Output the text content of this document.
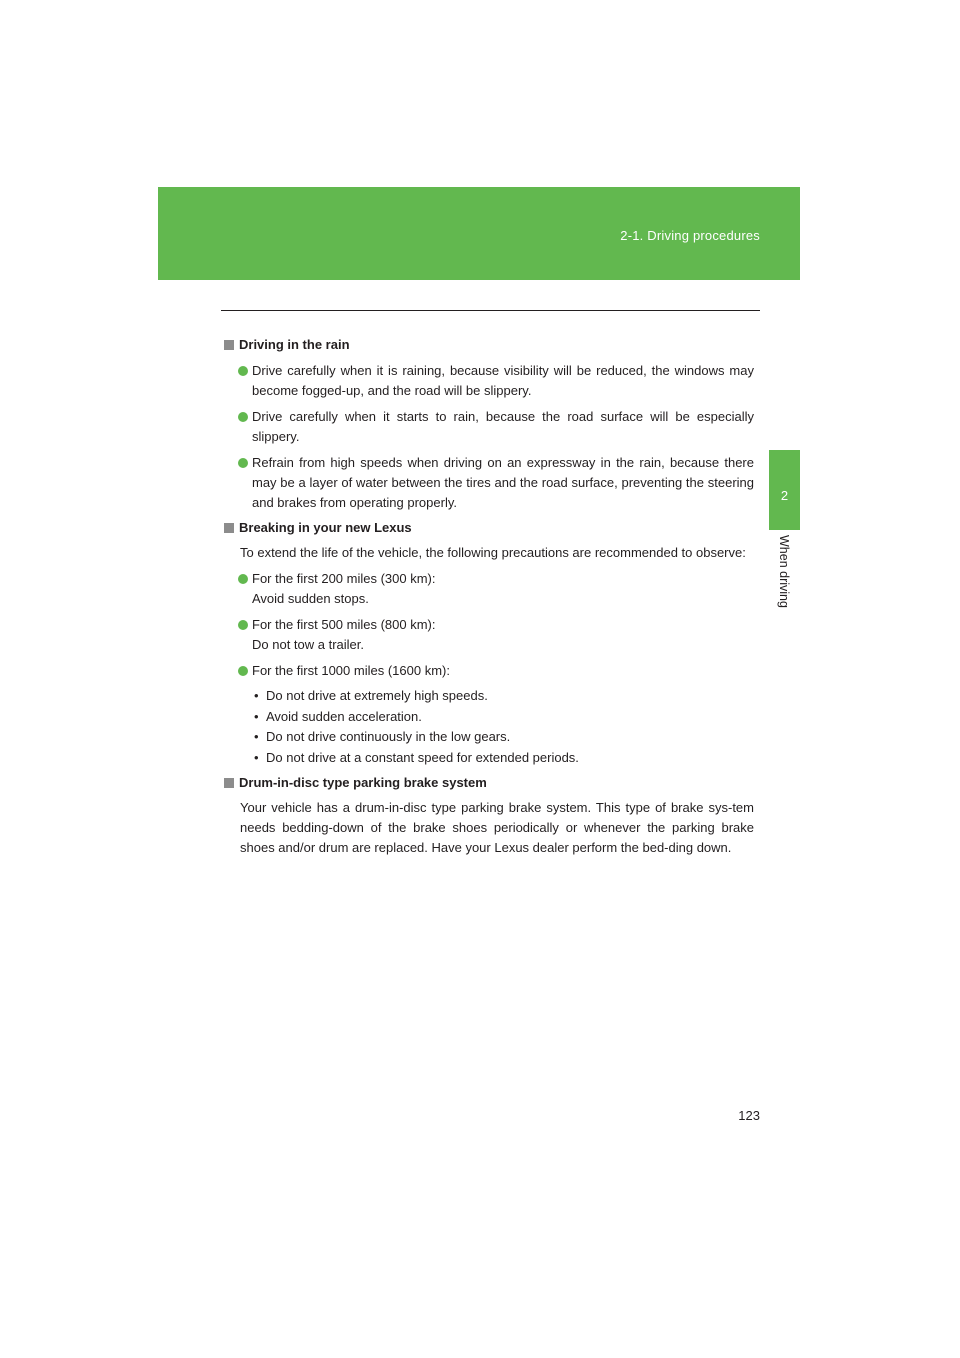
2-1. Driving procedures
2
When driving
Driving in the rain
Drive carefully when it is raining, because visibility will be reduced, the windows may become fogged-up, and the road will be slippery.
Drive carefully when it starts to rain, because the road surface will be especially slippery.
Refrain from high speeds when driving on an expressway in the rain, because there may be a layer of water between the tires and the road surface, preventing the steering and brakes from operating properly.
Breaking in your new Lexus
To extend the life of the vehicle, the following precautions are recommended to observe:
For the first 200 miles (300 km):
Avoid sudden stops.
For the first 500 miles (800 km):
Do not tow a trailer.
For the first 1000 miles (1600 km):
• Do not drive at extremely high speeds.
• Avoid sudden acceleration.
• Do not drive continuously in the low gears.
• Do not drive at a constant speed for extended periods.
Drum-in-disc type parking brake system
Your vehicle has a drum-in-disc type parking brake system. This type of brake sys-tem needs bedding-down of the brake shoes periodically or whenever the parking brake shoes and/or drum are replaced. Have your Lexus dealer perform the bed-ding down.
123
